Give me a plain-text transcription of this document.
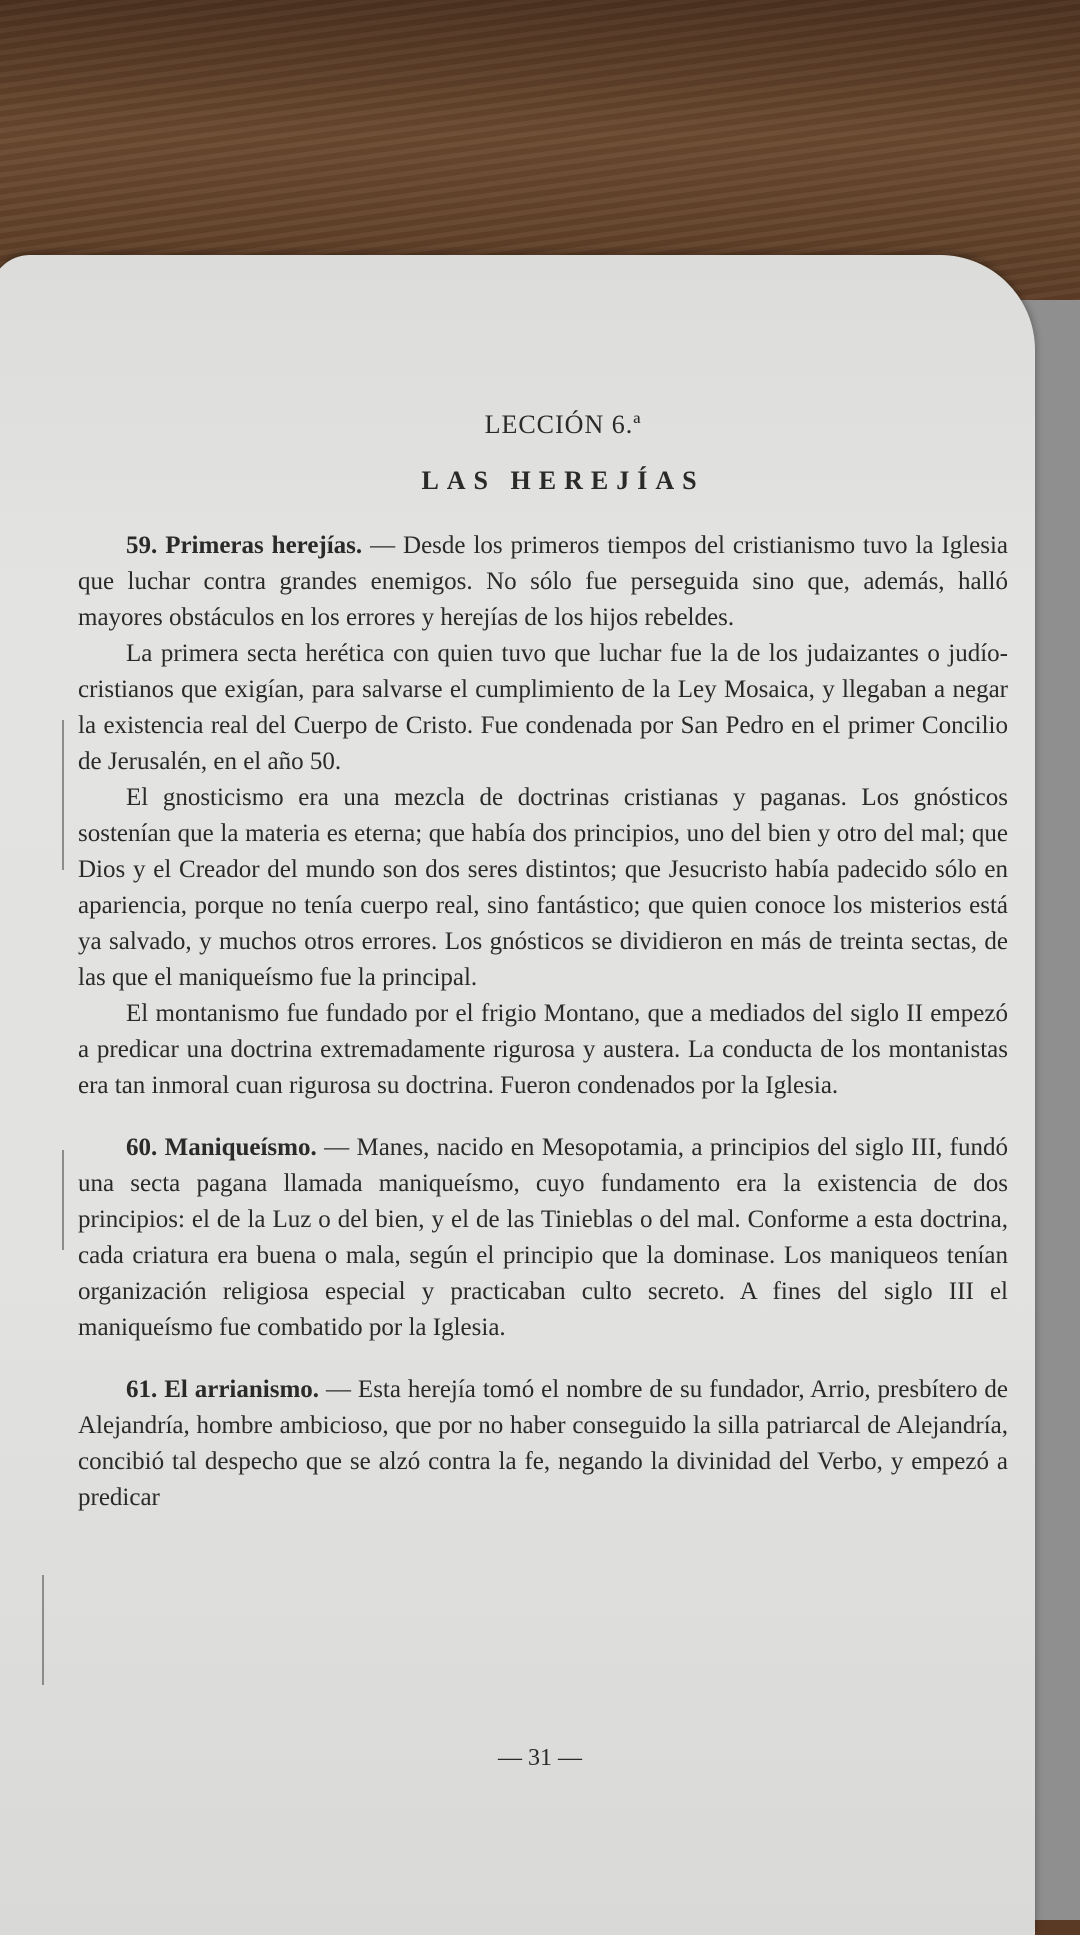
LECCIÓN 6.ª
LAS HEREJÍAS

59. Primeras herejías. — Desde los primeros tiempos del cristianismo tuvo la Iglesia que luchar contra grandes enemigos. No sólo fue perseguida sino que, además, halló mayores obstáculos en los errores y herejías de los hijos rebeldes.

La primera secta herética con quien tuvo que luchar fue la de los judaizantes o judío-cristianos que exigían, para salvarse el cumplimiento de la Ley Mosaica, y llegaban a negar la existencia real del Cuerpo de Cristo. Fue condenada por San Pedro en el primer Concilio de Jerusalén, en el año 50.

El gnosticismo era una mezcla de doctrinas cristianas y paganas. Los gnósticos sostenían que la materia es eterna; que había dos principios, uno del bien y otro del mal; que Dios y el Creador del mundo son dos seres distintos; que Jesucristo había padecido sólo en apariencia, porque no tenía cuerpo real, sino fantástico; que quien conoce los misterios está ya salvado, y muchos otros errores. Los gnósticos se dividieron en más de treinta sectas, de las que el maniqueísmo fue la principal.

El montanismo fue fundado por el frigio Montano, que a mediados del siglo II empezó a predicar una doctrina extremadamente rigurosa y austera. La conducta de los montanistas era tan inmoral cuan rigurosa su doctrina. Fueron condenados por la Iglesia.

60. Maniqueísmo. — Manes, nacido en Mesopotamia, a principios del siglo III, fundó una secta pagana llamada maniqueísmo, cuyo fundamento era la existencia de dos principios: el de la Luz o del bien, y el de las Tinieblas o del mal. Conforme a esta doctrina, cada criatura era buena o mala, según el principio que la dominase. Los maniqueos tenían organización religiosa especial y practicaban culto secreto. A fines del siglo III el maniqueísmo fue combatido por la Iglesia.

61. El arrianismo. — Esta herejía tomó el nombre de su fundador, Arrio, presbítero de Alejandría, hombre ambicioso, que por no haber conseguido la silla patriarcal de Alejandría, concibió tal despecho que se alzó contra la fe, negando la divinidad del Verbo, y empezó a predicar

— 31 —
